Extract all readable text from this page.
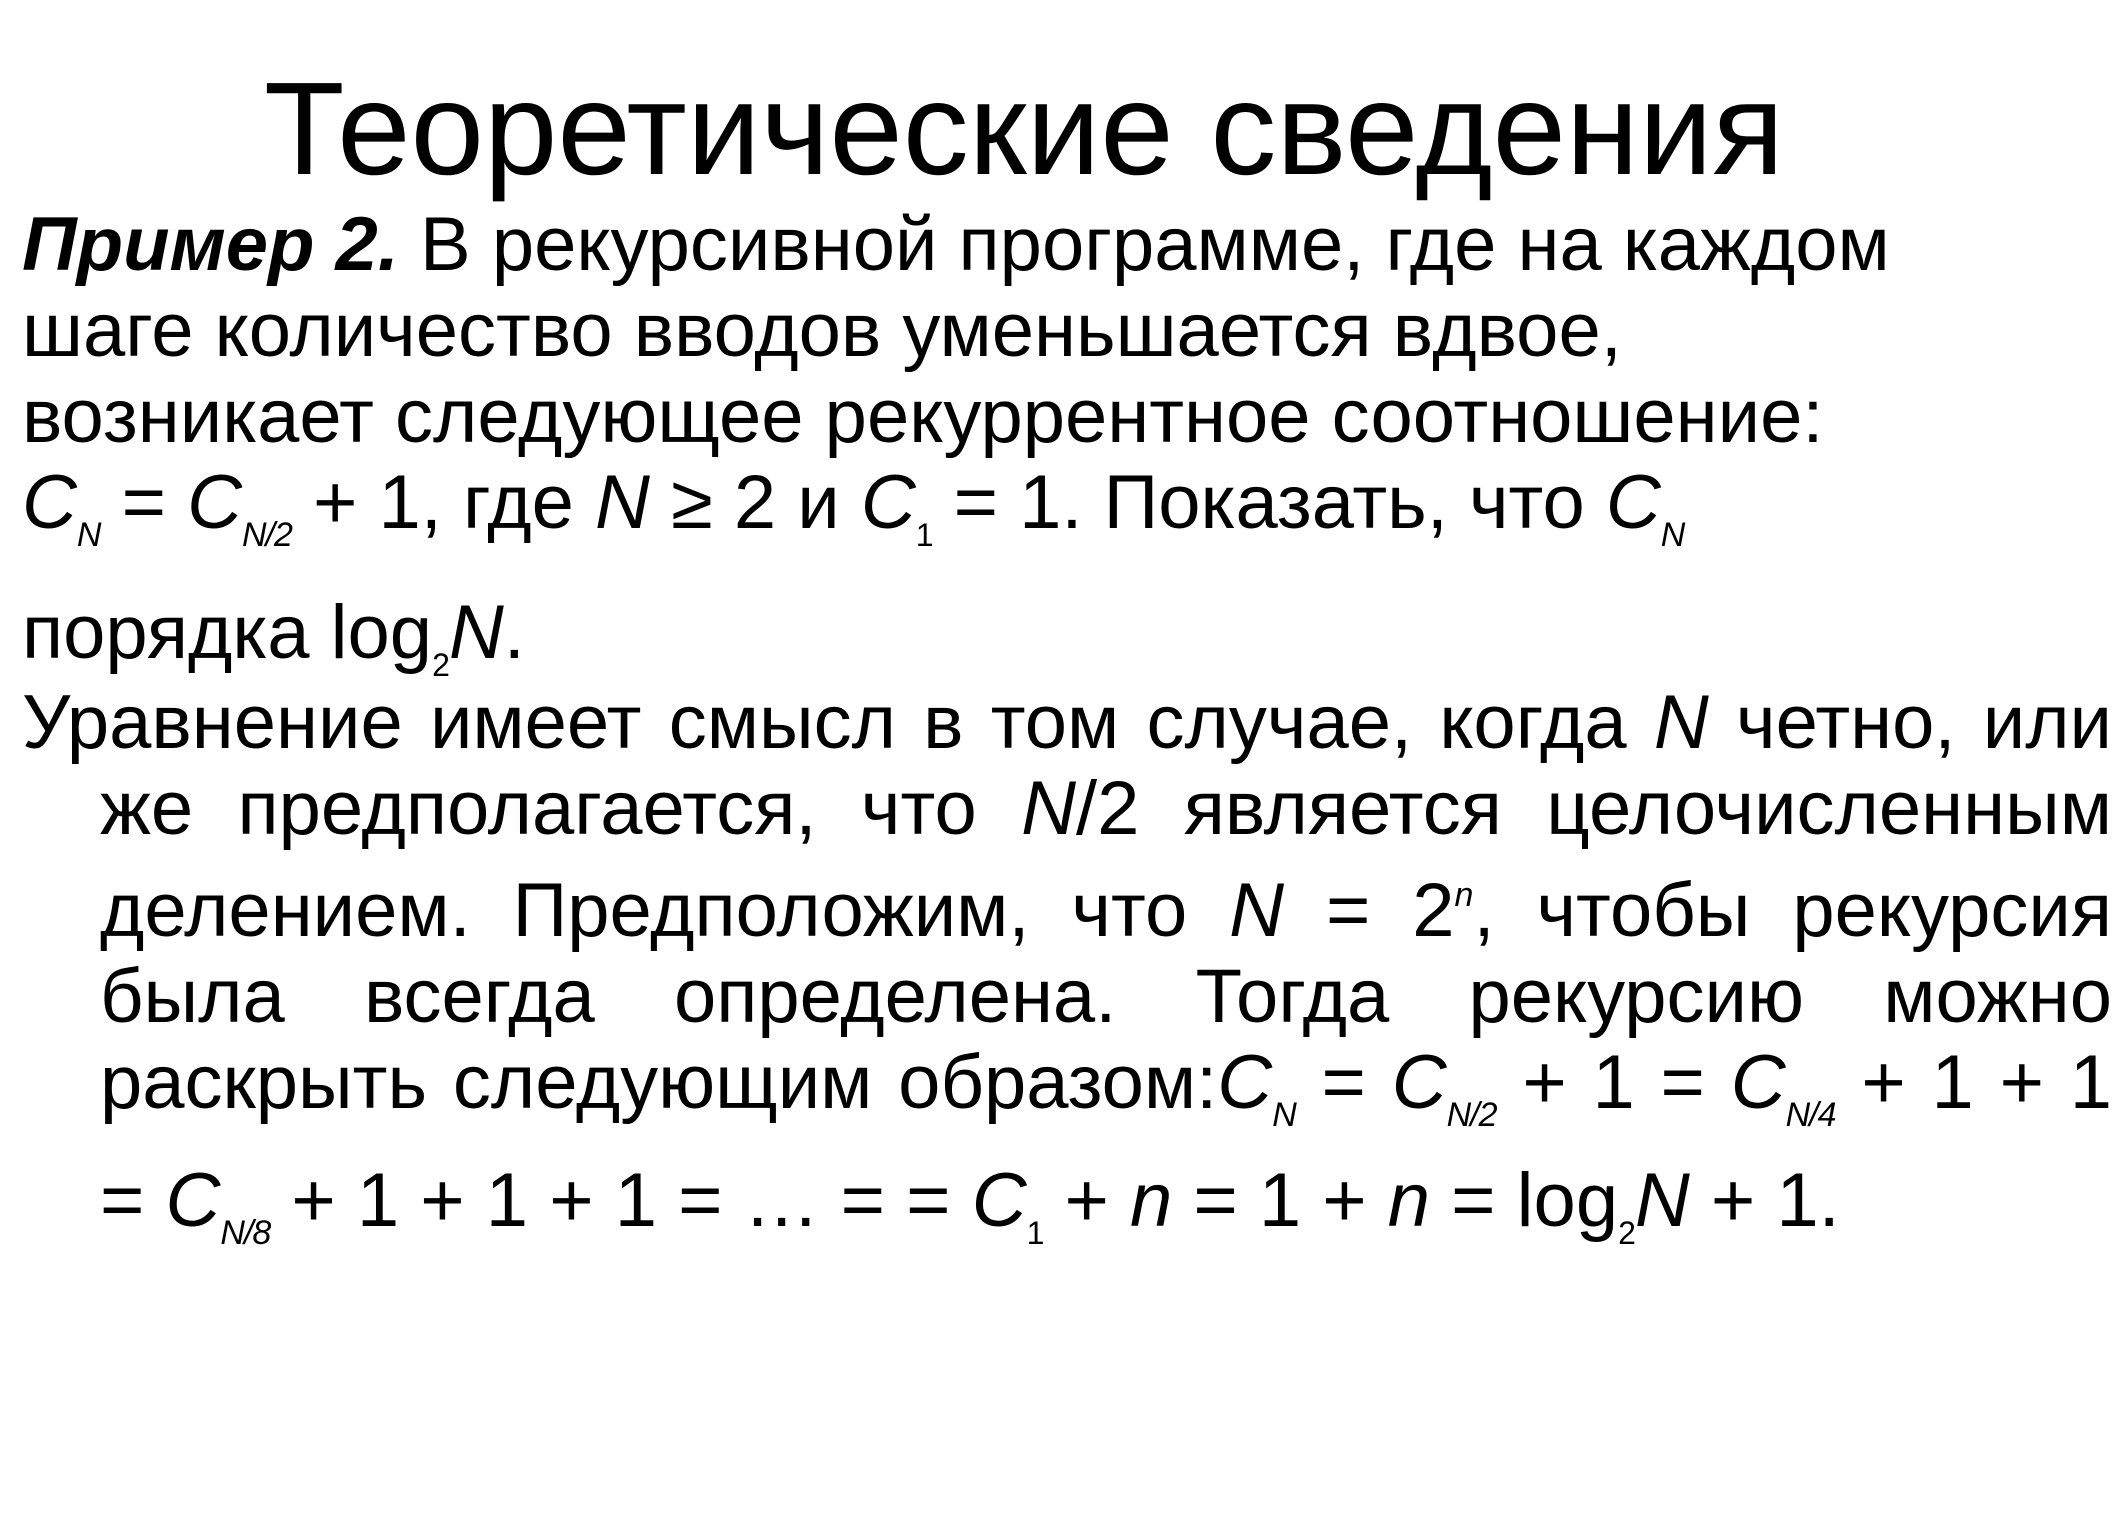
Теоретические сведения

Пример 2. В рекурсивной программе, где на каждом
шаге количество вводов уменьшается вдвое,
возникает следующее рекуррентное соотношение:
$C_N = C_{N/2} + 1$, где N ≥ 2 и $C_1 = 1$. Показать, что $C_N$
порядка $\log_2N$.

Уравнение имеет смысл в том случае, когда N четно, или же предполагается, что N/2 является целочисленным делением. Предположим, что $N = 2^n$, чтобы рекурсия была всегда определена. Тогда рекурсию можно раскрыть следующим $образом:C_N = C_{N/2} + 1 = C_{N/4} + 1 + 1 = C_{N/8} + 1 + 1 + 1$ = … = = $C_1 + n = 1 + n = \log_2N + 1$.
